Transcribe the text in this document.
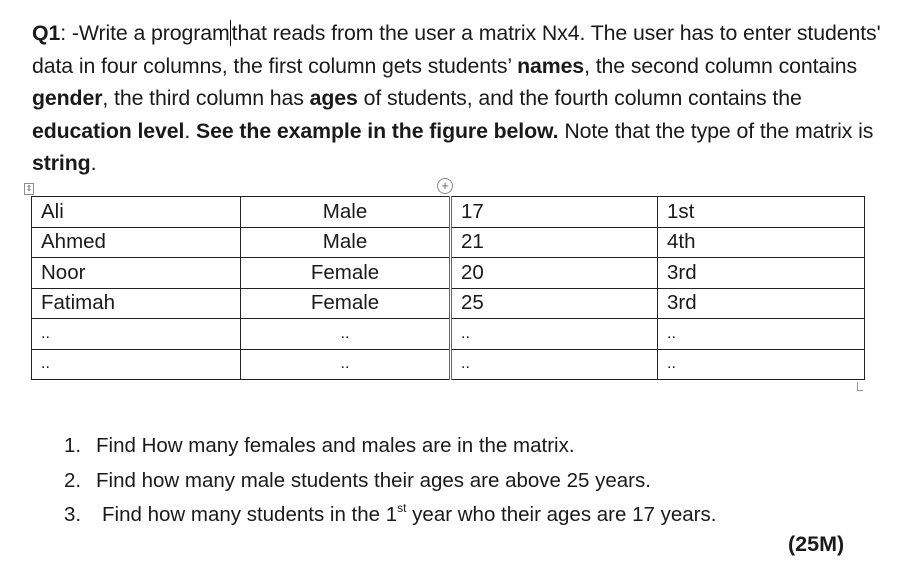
Q1: -Write a programthat reads from the user a matrix Nx4. The user has to enter students' data in four columns, the first column gets students’ names, the second column contains gender, the third column has ages of students, and the fourth column contains the education level. See the example in the figure below. Note that the type of the matrix is string.
⇕	+
Ali	Male	17	1st
Ahmed	Male	21	4th
Noor	Female	20	3rd
Fatimah	Female	25	3rd
..	..	..	..
..	..	..	..
1. Find How many females and males are in the matrix.
2. Find how many male students their ages are above 25 years.
3. Find how many students in the 1st year who their ages are 17 years.
(25M)
